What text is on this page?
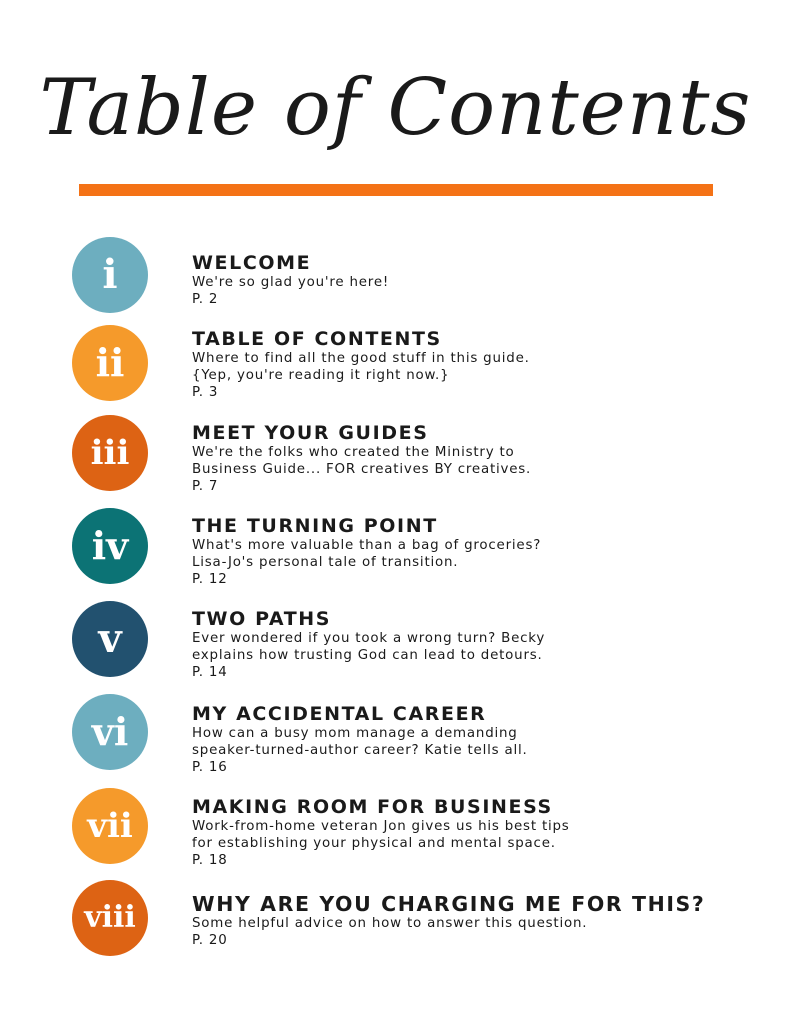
Table of Contents
i	WELCOME
We're so glad you're here!
P. 2
ii
TABLE OF CONTENTS
Where to find all the good stuff in this guide.
{Yep, you're reading it right now.}
P. 3
iii	MEET YOUR GUIDES
We're the folks who created the Ministry to
Business Guide... FOR creatives BY creatives.
P. 7
iv	THE TURNING POINT
What's more valuable than a bag of groceries?
Lisa-Jo's personal tale of transition.
P. 12
v	TWO PATHS
Ever wondered if you took a wrong turn? Becky
explains how trusting God can lead to detours.
P. 14
vi	MY ACCIDENTAL CAREER
How can a busy mom manage a demanding
speaker-turned-author career? Katie tells all.
P. 16
vii	MAKING ROOM FOR BUSINESS
Work-from-home veteran Jon gives us his best tips
for establishing your physical and mental space.
P. 18
viii	WHY ARE YOU CHARGING ME FOR THIS?
Some helpful advice on how to answer this question.
P. 20
